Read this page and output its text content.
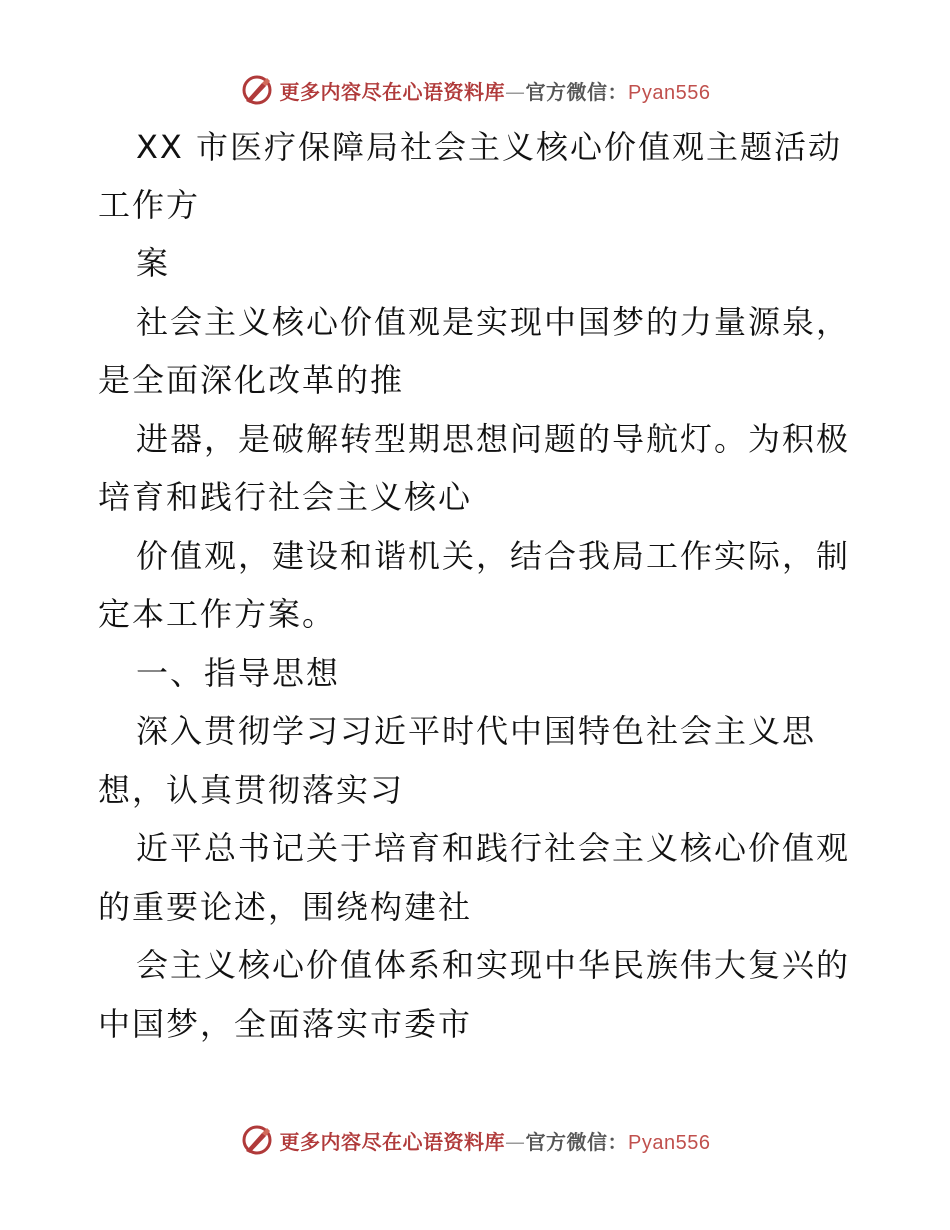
更多内容尽在心语资料库—官方微信：Pyan556
XX 市医疗保障局社会主义核心价值观主题活动
工作方
案
社会主义核心价值观是实现中国梦的力量源泉，
是全面深化改革的推
进器，是破解转型期思想问题的导航灯。为积极
培育和践行社会主义核心
价值观，建设和谐机关，结合我局工作实际，制
定本工作方案。
一、指导思想
深入贯彻学习习近平时代中国特色社会主义思
想，认真贯彻落实习
近平总书记关于培育和践行社会主义核心价值观
的重要论述，围绕构建社
会主义核心价值体系和实现中华民族伟大复兴的
中国梦，全面落实市委市
更多内容尽在心语资料库—官方微信：Pyan556
